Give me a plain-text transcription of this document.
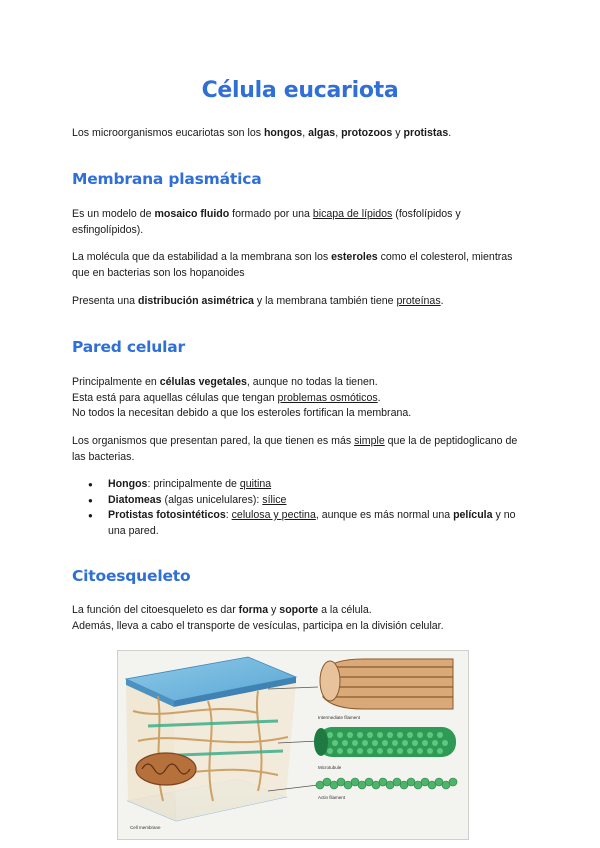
Célula eucariota

Los microorganismos eucariotas son los hongos, algas, protozoos y protistas.

Membrana plasmática

Es un modelo de mosaico fluido formado por una bicapa de lípidos (fosfolípidos y esfingolípidos).

La molécula que da estabilidad a la membrana son los esteroles como el colesterol, mientras que en bacterias son los hopanoides

Presenta una distribución asimétrica y la membrana también tiene proteínas.

Pared celular

Principalmente en células vegetales, aunque no todas la tienen.

Esta está para aquellas células que tengan problemas osmóticos.

No todos la necesitan debido a que los esteroles fortifican la membrana.

Los organismos que presentan pared, la que tienen es más simple que la de peptidoglicano de las bacterias.

● Hongos: principalmente de quitina
● Diatomeas (algas unicelulares): sílice
● Protistas fotosintéticos: celulosa y pectina, aunque es más normal una película y no una pared.
Citoesqueleto

La función del citoesqueleto es dar forma y soporte a la célula.

Además, lleva a cabo el transporte de vesículas, participa en la división celular.

Intermediate filament
Microtubule
Actin filament
Cell membrane
